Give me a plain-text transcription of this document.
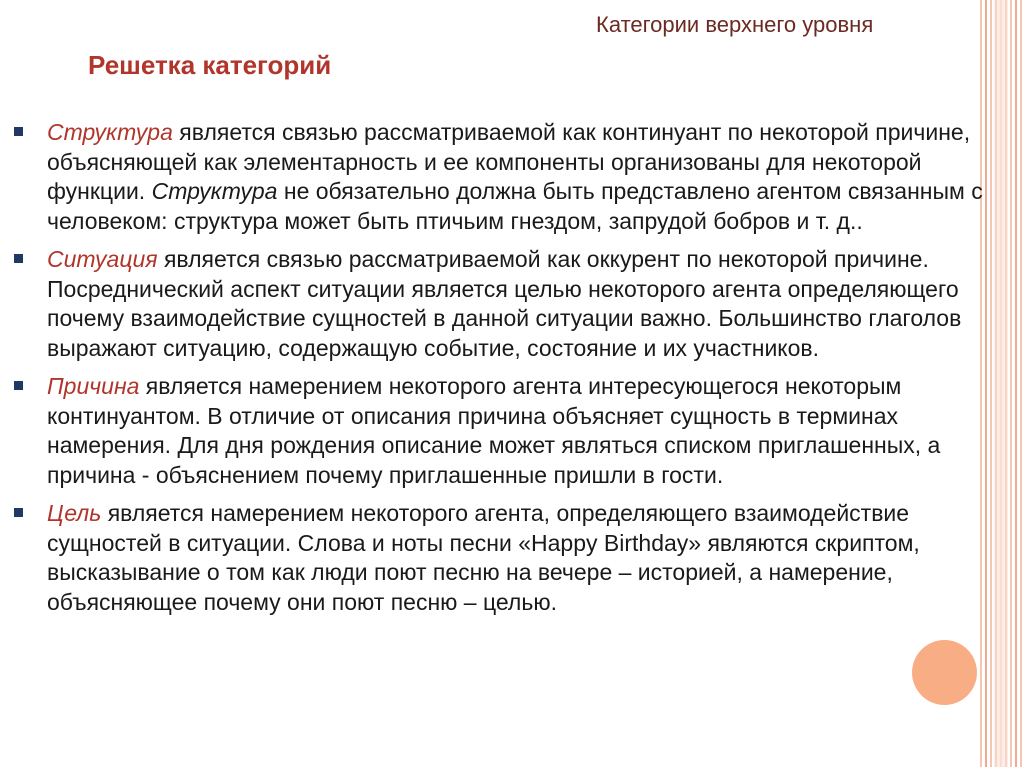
Категории верхнего уровня
Решетка категорий
Структура является связью рассматриваемой как континуант по некоторой причине, объясняющей как элементарность и ее компоненты организованы для некоторой функции. Структура не обязательно должна быть представлено агентом связанным с человеком: структура может быть птичьим гнездом, запрудой бобров и т. д..
Ситуация является связью рассматриваемой как оккурент по некоторой причине. Посреднический аспект ситуации является целью некоторого агента определяющего почему взаимодействие сущностей в данной ситуации важно. Большинство глаголов выражают ситуацию, содержащую событие, состояние и их участников.
Причина является намерением некоторого агента интересующегося некоторым континуантом. В отличие от описания причина объясняет сущность в терминах намерения. Для дня рождения описание может являться списком приглашенных, а причина - объяснением почему приглашенные пришли в гости.
Цель является намерением некоторого агента, определяющего взаимодействие сущностей в ситуации. Слова и ноты песни «Happy Birthday» являются скриптом, высказывание о том как люди поют песню на вечере – историей, а намерение, объясняющее почему они поют песню – целью.
